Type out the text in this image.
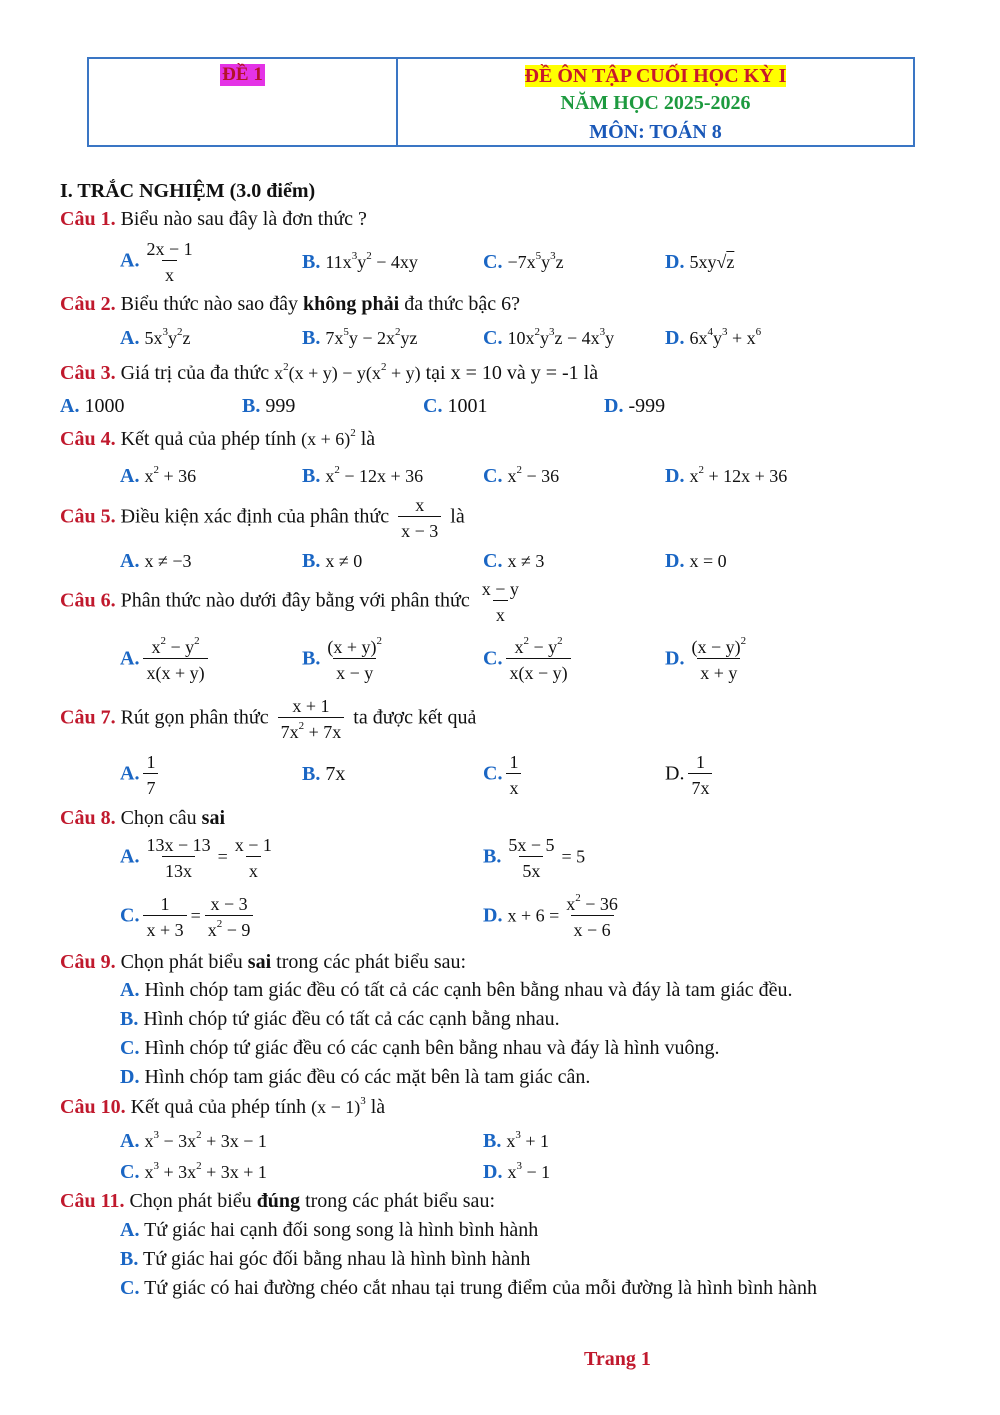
ĐỀ 1	ĐỀ ÔN TẬP CUỐI HỌC KỲ I
NĂM HỌC 2025-2026
MÔN: TOÁN 8
I. TRẮC NGHIỆM (3.0 điểm)
Câu 1. Biểu nào sau đây là đơn thức ?
A. $\frac{2x - 1}{x}$	B. $11x^3y^2 - 4xy$	C. $-7x^5y^3z$	D. 5xy√z
Câu 2. Biểu thức nào sao đây không phải đa thức bậc 6?
A. $5x^3y^2z$	B. $7x^5y - 2x^2yz$	C. $10x^2y^3z - 4x^3y$	D. $6x^4y^3 + x^6$
Câu 3. Giá trị của đa thức $x^2(x + y) - y(x^2 + y)$ tại x = 10 và y = -1 là
A. 1000	B. 999	C. 1001	D. -999
Câu 4. Kết quả của phép tính $(x + 6)^2$ là
A. $x^2 + 36$	B. $x^2 - 12x + 36$	C. $x^2 - 36$	D. $x^2 + 12x + 36$
Câu 5. Điều kiện xác định của phân thức $\frac{x}{x - 3}$ là
A. x ≠ −3	B. x ≠ 0	C. x ≠ 3	D. x = 0
Câu 6. Phân thức nào dưới đây bằng với phân thức $\frac{x - y}{x}$
A. $\frac{x^2 - y^2}{x(x + y)}$	B. $\frac{(x + y)^2}{x - y}$	C. $\frac{x^2 - y^2}{x(x - y)}$	D. $\frac{(x - y)^2}{x + y}$
Câu 7. Rút gọn phân thức $\frac{x + 1}{7x^2 + 7x}$ ta được kết quả
A. $\frac{1}{7}$	B. 7x	C. $\frac{1}{x}$	D. $\frac{1}{7x}$
Câu 8. Chọn câu sai
A. $\frac{13x - 13}{13x} = \frac{x - 1}{x}$	B. $\frac{5x - 5}{5x} = 5$
C. $\frac{1}{x + 3} = \frac{x - 3}{x^2 - 9}$	D. $x + 6 = \frac{x^2 - 36}{x - 6}$
Câu 9. Chọn phát biểu sai trong các phát biểu sau:
A. Hình chóp tam giác đều có tất cả các cạnh bên bằng nhau và đáy là tam giác đều.
B. Hình chóp tứ giác đều có tất cả các cạnh bằng nhau.
C. Hình chóp tứ giác đều có các cạnh bên bằng nhau và đáy là hình vuông.
D. Hình chóp tam giác đều có các mặt bên là tam giác cân.
Câu 10. Kết quả của phép tính $(x - 1)^3$ là
A. $x^3 - 3x^2 + 3x - 1$	B. $x^3 + 1$
C. $x^3 + 3x^2 + 3x + 1$	D. $x^3 - 1$
Câu 11. Chọn phát biểu đúng trong các phát biểu sau:
A. Tứ giác hai cạnh đối song song là hình bình hành
B. Tứ giác hai góc đối bằng nhau là hình bình hành
C. Tứ giác có hai đường chéo cắt nhau tại trung điểm của mỗi đường là hình bình hành
Trang 1
